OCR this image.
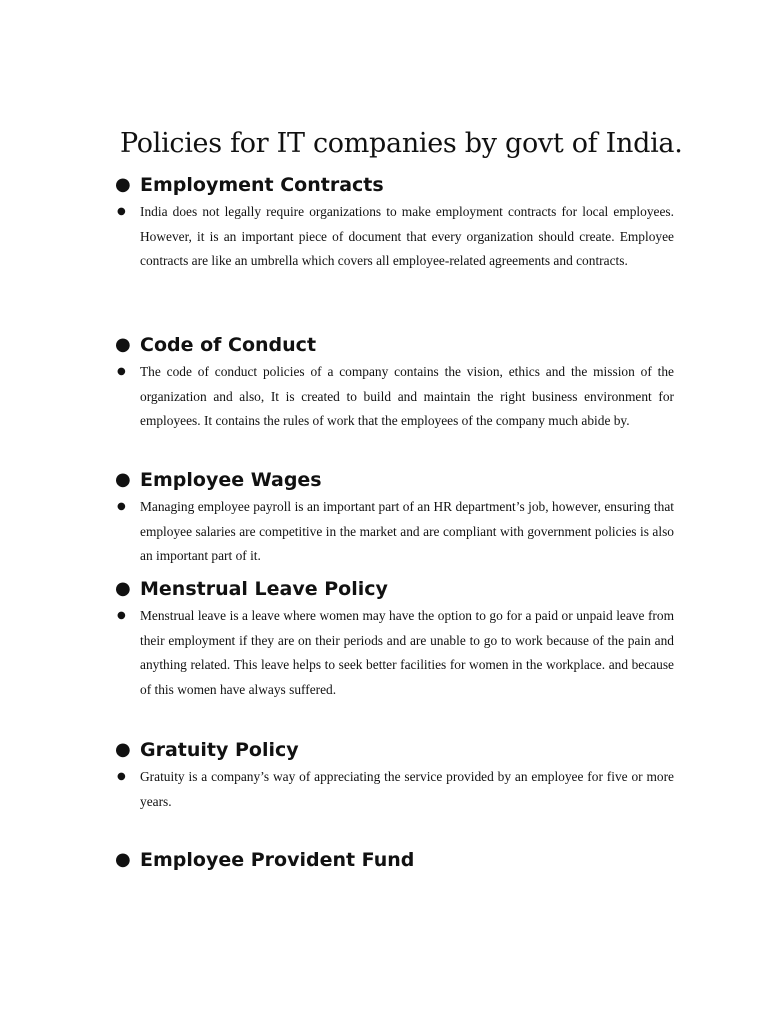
Policies for IT companies by govt of India.
● Employment Contracts
● India does not legally require organizations to make employment contracts for local employees. However, it is an important piece of document that every organization should create. Employee contracts are like an umbrella which covers all employee-related agreements and contracts.

● Code of Conduct
● The code of conduct policies of a company contains the vision, ethics and the mission of the organization and also, It is created to build and maintain the right business environment for employees. It contains the rules of work that the employees of the company much abide by.

● Employee Wages
● Managing employee payroll is an important part of an HR department’s job, however, ensuring that employee salaries are competitive in the market and are compliant with government policies is also an important part of it.

● Menstrual Leave Policy
● Menstrual leave is a leave where women may have the option to go for a paid or unpaid leave from their employment if they are on their periods and are unable to go to work because of the pain and anything related. This leave helps to seek better facilities for women in the workplace. and because of this women have always suffered.

● Gratuity Policy
● Gratuity is a company’s way of appreciating the service provided by an employee for five or more years.

● Employee Provident Fund
